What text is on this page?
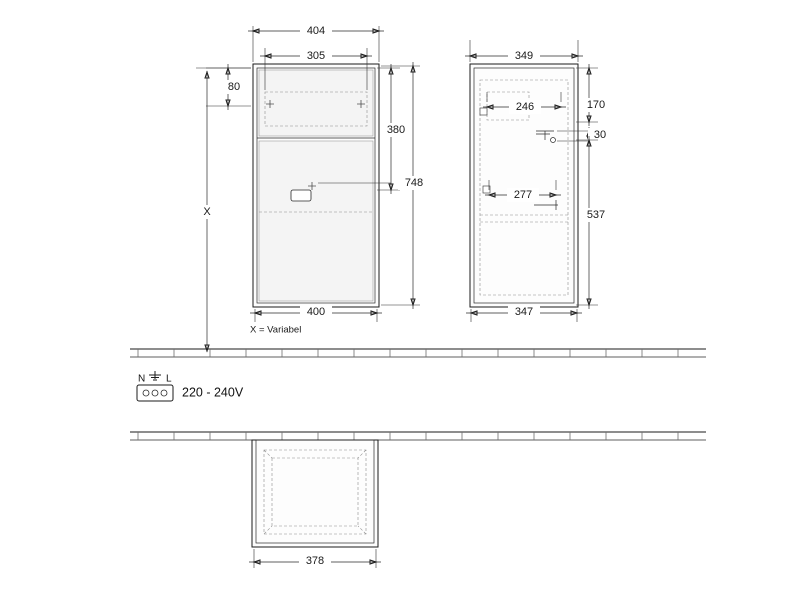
404
305
80
380
748
400
X
X = Variabel
349
246	170
30
277
537
347
N L
220 - 240V
378
